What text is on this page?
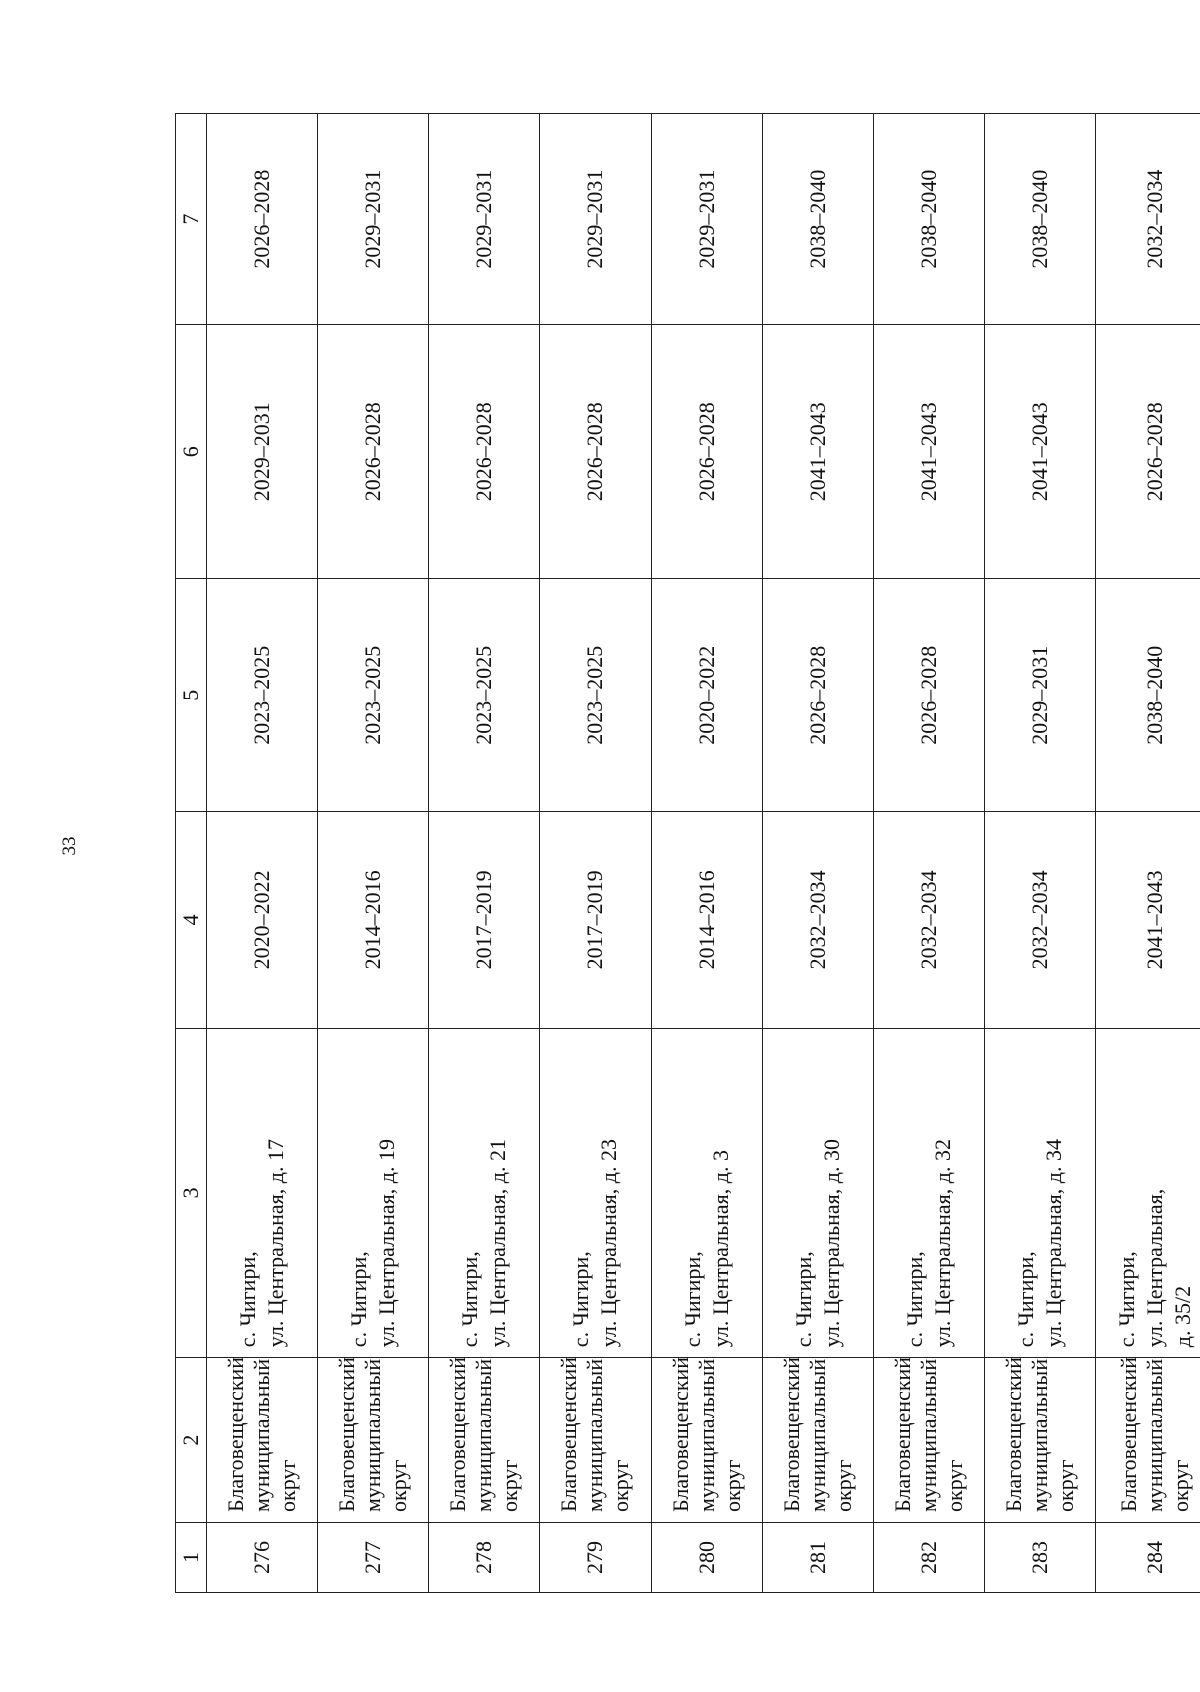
33
1	2	3	4	5	6	7
276	Благовещенский муниципальный округ	с. Чигири, ул. Центральная, д. 17	2020–2022	2023–2025	2029–2031	2026–2028
277	Благовещенский муниципальный округ	с. Чигири, ул. Центральная, д. 19	2014–2016	2023–2025	2026–2028	2029–2031
278	Благовещенский муниципальный округ	с. Чигири, ул. Центральная, д. 21	2017–2019	2023–2025	2026–2028	2029–2031
279	Благовещенский муниципальный округ	с. Чигири, ул. Центральная, д. 23	2017–2019	2023–2025	2026–2028	2029–2031
280	Благовещенский муниципальный округ	с. Чигири, ул. Центральная, д. 3	2014–2016	2020–2022	2026–2028	2029–2031
281	Благовещенский муниципальный округ	с. Чигири, ул. Центральная, д. 30	2032–2034	2026–2028	2041–2043	2038–2040
282	Благовещенский муниципальный округ	с. Чигири, ул. Центральная, д. 32	2032–2034	2026–2028	2041–2043	2038–2040
283	Благовещенский муниципальный округ	с. Чигири, ул. Центральная, д. 34	2032–2034	2029–2031	2041–2043	2038–2040
284	Благовещенский муниципальный округ	с. Чигири, ул. Центральная, д. 35/2	2041–2043	2038–2040	2026–2028	2032–2034
